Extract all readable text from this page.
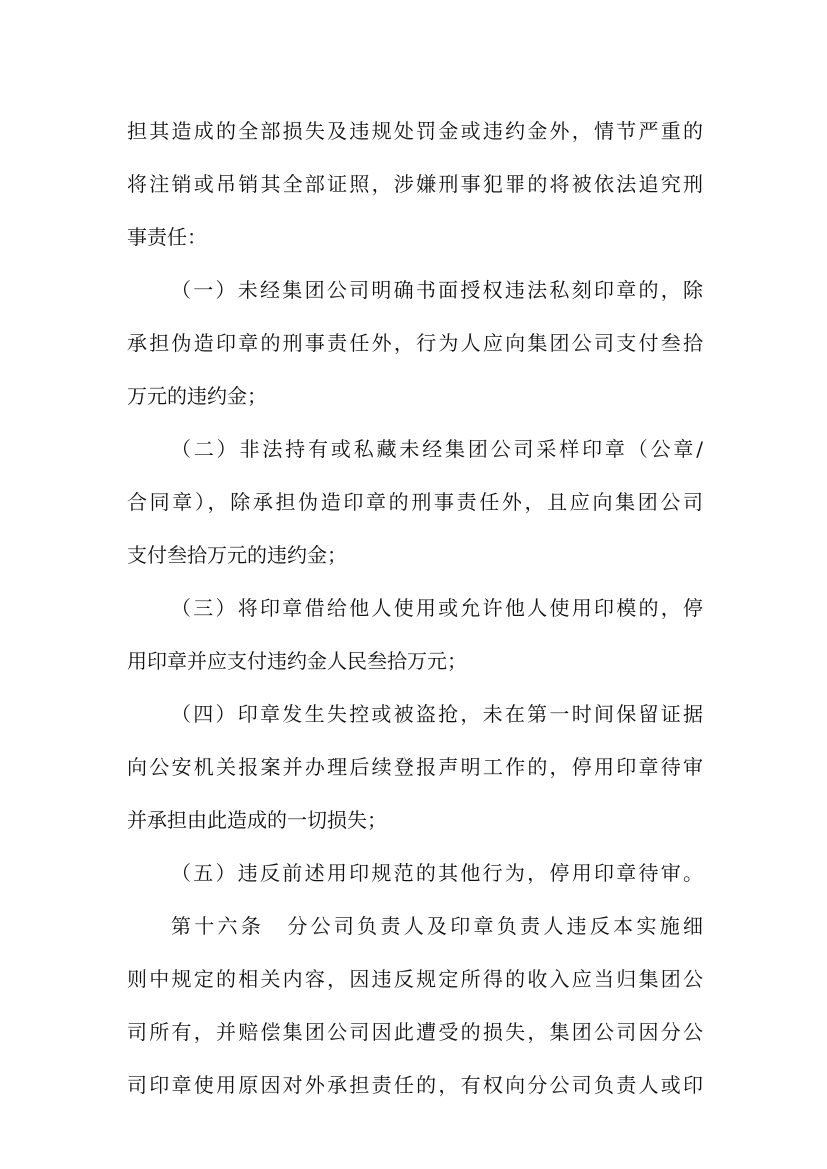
担其造成的全部损失及违规处罚金或违约金外，情节严重的

将注销或吊销其全部证照，涉嫌刑事犯罪的将被依法追究刑

事责任：

（一）未经集团公司明确书面授权违法私刻印章的，除

承担伪造印章的刑事责任外，行为人应向集团公司支付叁拾

万元的违约金；

（二）非法持有或私藏未经集团公司采样印章（公章/

合同章），除承担伪造印章的刑事责任外，且应向集团公司

支付叁拾万元的违约金；

（三）将印章借给他人使用或允许他人使用印模的，停

用印章并应支付违约金人民叁拾万元；

（四）印章发生失控或被盗抢，未在第一时间保留证据

向公安机关报案并办理后续登报声明工作的，停用印章待审

并承担由此造成的一切损失；

（五）违反前述用印规范的其他行为，停用印章待审。

第十六条　分公司负责人及印章负责人违反本实施细

则中规定的相关内容，因违反规定所得的收入应当归集团公

司所有，并赔偿集团公司因此遭受的损失，集团公司因分公

司印章使用原因对外承担责任的，有权向分公司负责人或印
